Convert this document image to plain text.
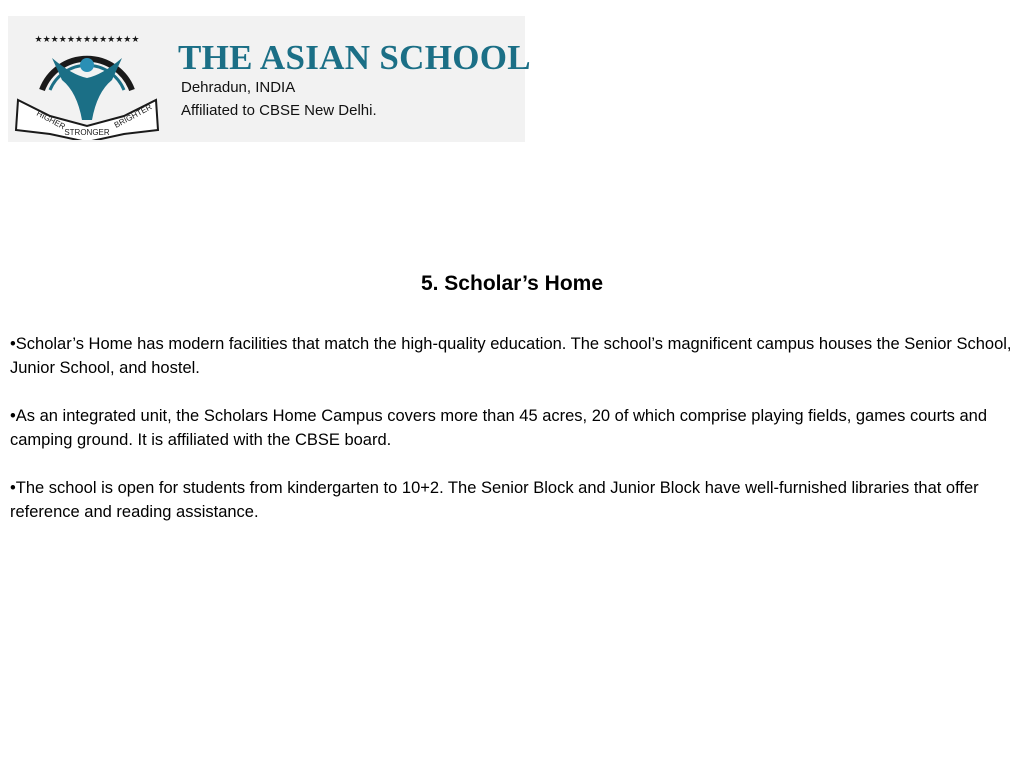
★★★★★★★★★★★★★
HIGHER
STRONGER
BRIGHTER
THE ASIAN SCHOOL
Dehradun, INDIA
Affiliated to CBSE New Delhi.
5. Scholar’s Home

•Scholar’s Home has modern facilities that match the high-quality education. The school’s magnificent campus houses the Senior School, Junior School, and hostel.

•As an integrated unit, the Scholars Home Campus covers more than 45 acres, 20 of which comprise playing fields, games courts and camping ground. It is affiliated with the CBSE board.

•The school is open for students from kindergarten to 10+2. The Senior Block and Junior Block have well-furnished libraries that offer reference and reading assistance.
